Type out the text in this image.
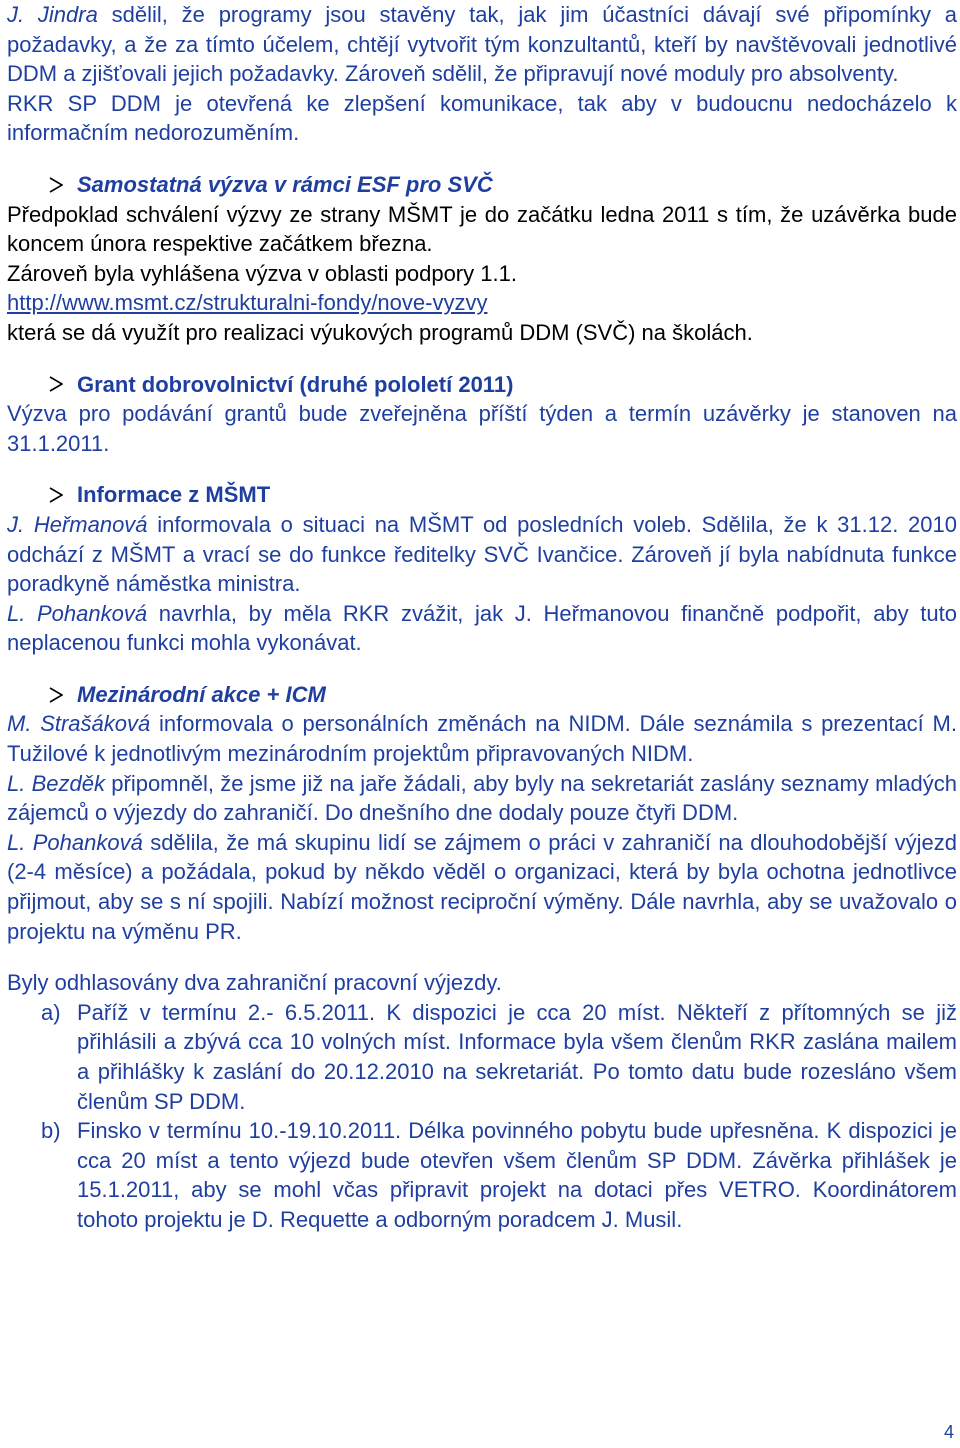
J. Jindra sdělil, že programy jsou stavěny tak, jak jim účastníci dávají své připomínky a požadavky, a že za tímto účelem, chtějí vytvořit tým konzultantů, kteří by navštěvovali jednotlivé DDM a zjišťovali jejich požadavky. Zároveň sdělil, že připravují nové moduly pro absolventy.

RKR SP DDM je otevřená ke zlepšení komunikace, tak aby v budoucnu nedocházelo k informačním nedorozuměním.

Samostatná výzva v rámci ESF pro SVČ

Předpoklad schválení výzvy ze strany MŠMT je do začátku ledna 2011 s tím, že uzávěrka bude koncem února respektive začátkem března.

Zároveň byla vyhlášena výzva v oblasti podpory 1.1.

http://www.msmt.cz/strukturalni-fondy/nove-vyzvy

která se dá využít pro realizaci výukových programů DDM (SVČ) na školách.

Grant dobrovolnictví (druhé pololetí 2011)

Výzva pro podávání grantů bude zveřejněna příští týden a termín uzávěrky je stanoven na 31.1.2011.

Informace z MŠMT

J. Heřmanová informovala o situaci na MŠMT od posledních voleb. Sdělila, že k 31.12. 2010 odchází z MŠMT a vrací se do funkce ředitelky SVČ Ivančice. Zároveň jí byla nabídnuta funkce poradkyně náměstka ministra.

L. Pohanková navrhla, by měla RKR zvážit, jak J. Heřmanovou finančně podpořit, aby tuto neplacenou funkci mohla vykonávat.

Mezinárodní akce + ICM

M. Strašáková informovala o personálních změnách na NIDM. Dále seznámila s prezentací M. Tužilové k jednotlivým mezinárodním projektům připravovaných NIDM.

L. Bezděk připomněl, že jsme již na jaře žádali, aby byly na sekretariát zaslány seznamy mladých zájemců o výjezdy do zahraničí. Do dnešního dne dodaly pouze čtyři DDM.

L. Pohanková sdělila, že má skupinu lidí se zájmem o práci v zahraničí na dlouhodobější výjezd (2-4 měsíce) a požádala, pokud by někdo věděl o organizaci, která by byla ochotna jednotlivce přijmout, aby se s ní spojili. Nabízí možnost reciproční výměny. Dále navrhla, aby se uvažovalo o projektu na výměnu PR.

Byly odhlasovány dva zahraniční pracovní výjezdy.

a) Paříž v termínu 2.- 6.5.2011. K dispozici je cca 20 míst. Někteří z přítomných se již přihlásili a zbývá cca 10 volných míst. Informace byla všem členům RKR zaslána mailem a přihlášky k zaslání do 20.12.2010 na sekretariát. Po tomto datu bude rozesláno všem členům SP DDM.
b) Finsko v termínu 10.-19.10.2011. Délka povinného pobytu bude upřesněna. K dispozici je cca 20 míst a tento výjezd bude otevřen všem členům SP DDM. Závěrka přihlášek je 15.1.2011, aby se mohl včas připravit projekt na dotaci přes VETRO. Koordinátorem tohoto projektu je D. Requette a odborným poradcem J. Musil.
4
